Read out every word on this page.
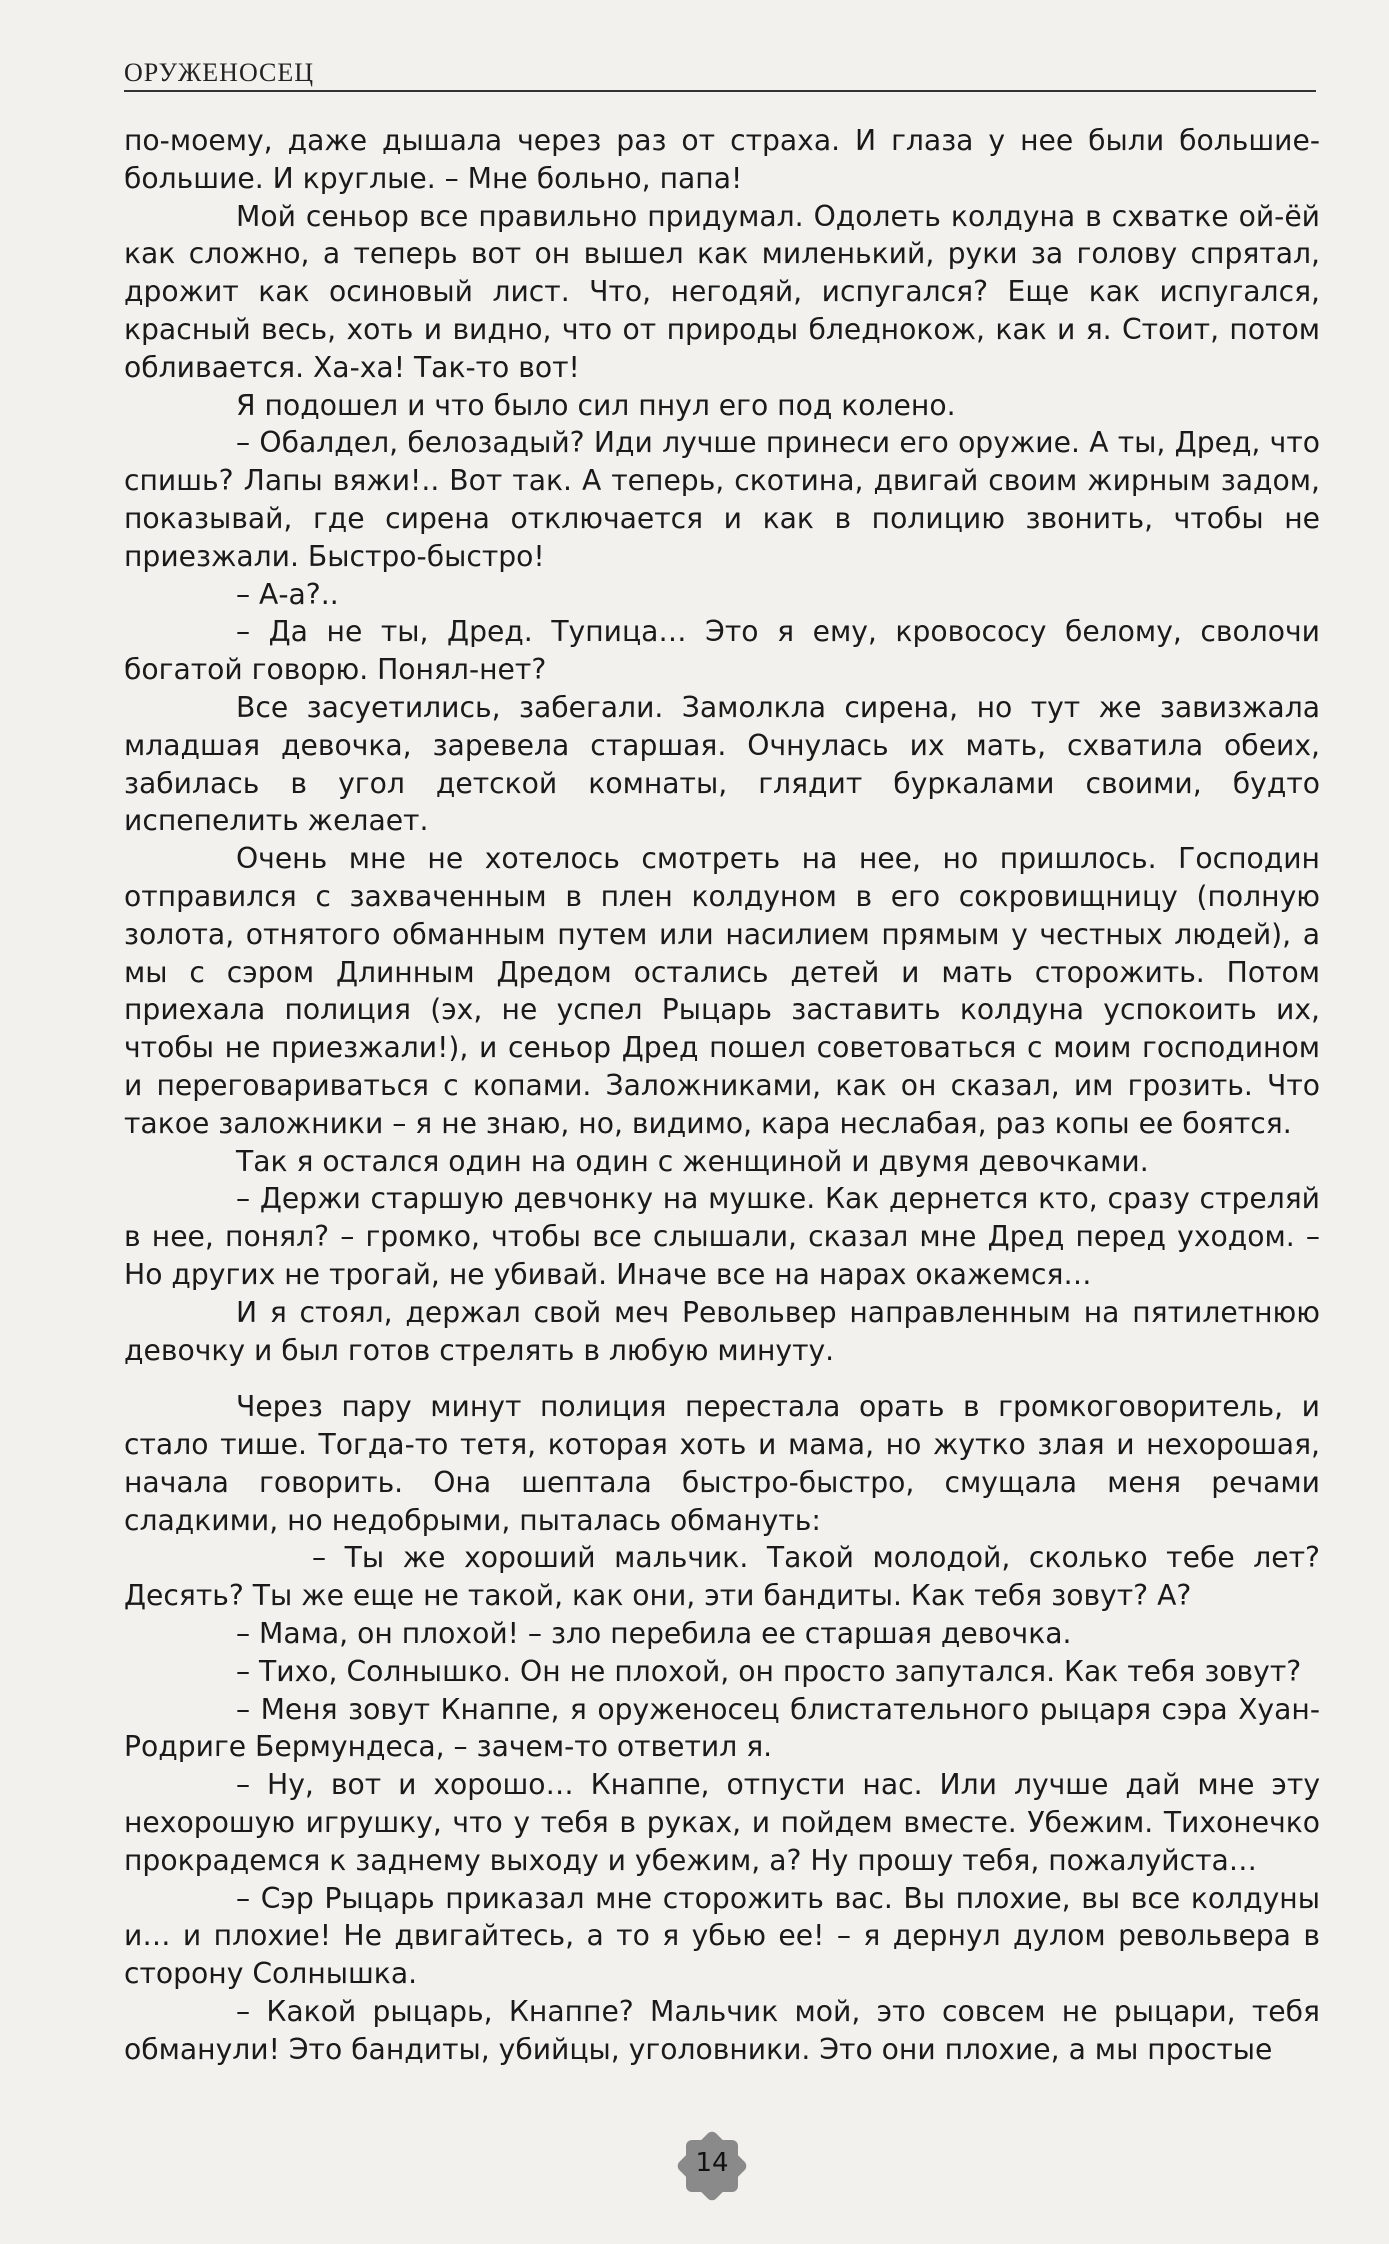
ОРУЖЕНОСЕЦ

по-моему, даже дышала через раз от страха. И глаза у нее были большие-большие. И круглые. – Мне больно, папа!

Мой сеньор все правильно придумал. Одолеть колдуна в схватке ой-ёй как сложно, а теперь вот он вышел как миленький, руки за голову спрятал, дрожит как осиновый лист. Что, негодяй, испугался? Еще как испугался, красный весь, хоть и видно, что от природы бледнокож, как и я. Стоит, потом обливается. Ха-ха! Так-то вот!

Я подошел и что было сил пнул его под колено.

– Обалдел, белозадый? Иди лучше принеси его оружие. А ты, Дред, что спишь? Лапы вяжи!.. Вот так. А теперь, скотина, двигай своим жирным задом, показывай, где сирена отключается и как в полицию звонить, чтобы не приезжали. Быстро-быстро!

– А-а?..

– Да не ты, Дред. Тупица… Это я ему, кровососу белому, сволочи богатой говорю. Понял-нет?

Все засуетились, забегали. Замолкла сирена, но тут же завизжала младшая девочка, заревела старшая. Очнулась их мать, схватила обеих, забилась в угол детской комнаты, глядит буркалами своими, будто испепелить желает.

Очень мне не хотелось смотреть на нее, но пришлось. Господин отправился с захваченным в плен колдуном в его сокровищницу (полную золота, отнятого обманным путем или насилием прямым у честных людей), а мы с сэром Длинным Дредом остались детей и мать сторожить. Потом приехала полиция (эх, не успел Рыцарь заставить колдуна успокоить их, чтобы не приезжали!), и сеньор Дред пошел советоваться с моим господином и переговариваться с копами. Заложниками, как он сказал, им грозить. Что такое заложники – я не знаю, но, видимо, кара неслабая, раз копы ее боятся.

Так я остался один на один с женщиной и двумя девочками.

– Держи старшую девчонку на мушке. Как дернется кто, сразу стреляй в нее, понял? – громко, чтобы все слышали, сказал мне Дред перед уходом. – Но других не трогай, не убивай. Иначе все на нарах окажемся…

И я стоял, держал свой меч Револьвер направленным на пятилетнюю девочку и был готов стрелять в любую минуту.

Через пару минут полиция перестала орать в громкоговоритель, и стало тише. Тогда-то тетя, которая хоть и мама, но жутко злая и нехорошая, начала говорить. Она шептала быстро-быстро, смущала меня речами сладкими, но недобрыми, пыталась обмануть:

– Ты же хороший мальчик. Такой молодой, сколько тебе лет? Десять? Ты же еще не такой, как они, эти бандиты. Как тебя зовут? А?

– Мама, он плохой! – зло перебила ее старшая девочка.

– Тихо, Солнышко. Он не плохой, он просто запутался. Как тебя зовут?

– Меня зовут Кнаппе, я оруженосец блистательного рыцаря сэра Хуан-Родриге Бермундеса, – зачем-то ответил я.

– Ну, вот и хорошо… Кнаппе, отпусти нас. Или лучше дай мне эту нехорошую игрушку, что у тебя в руках, и пойдем вместе. Убежим. Тихонечко прокрадемся к заднему выходу и убежим, а? Ну прошу тебя, пожалуйста…

– Сэр Рыцарь приказал мне сторожить вас. Вы плохие, вы все колдуны и… и плохие! Не двигайтесь, а то я убью ее! – я дернул дулом револьвера в сторону Солнышка.

– Какой рыцарь, Кнаппе? Мальчик мой, это совсем не рыцари, тебя обманули! Это бандиты, убийцы, уголовники. Это они плохие, а мы простые

14
